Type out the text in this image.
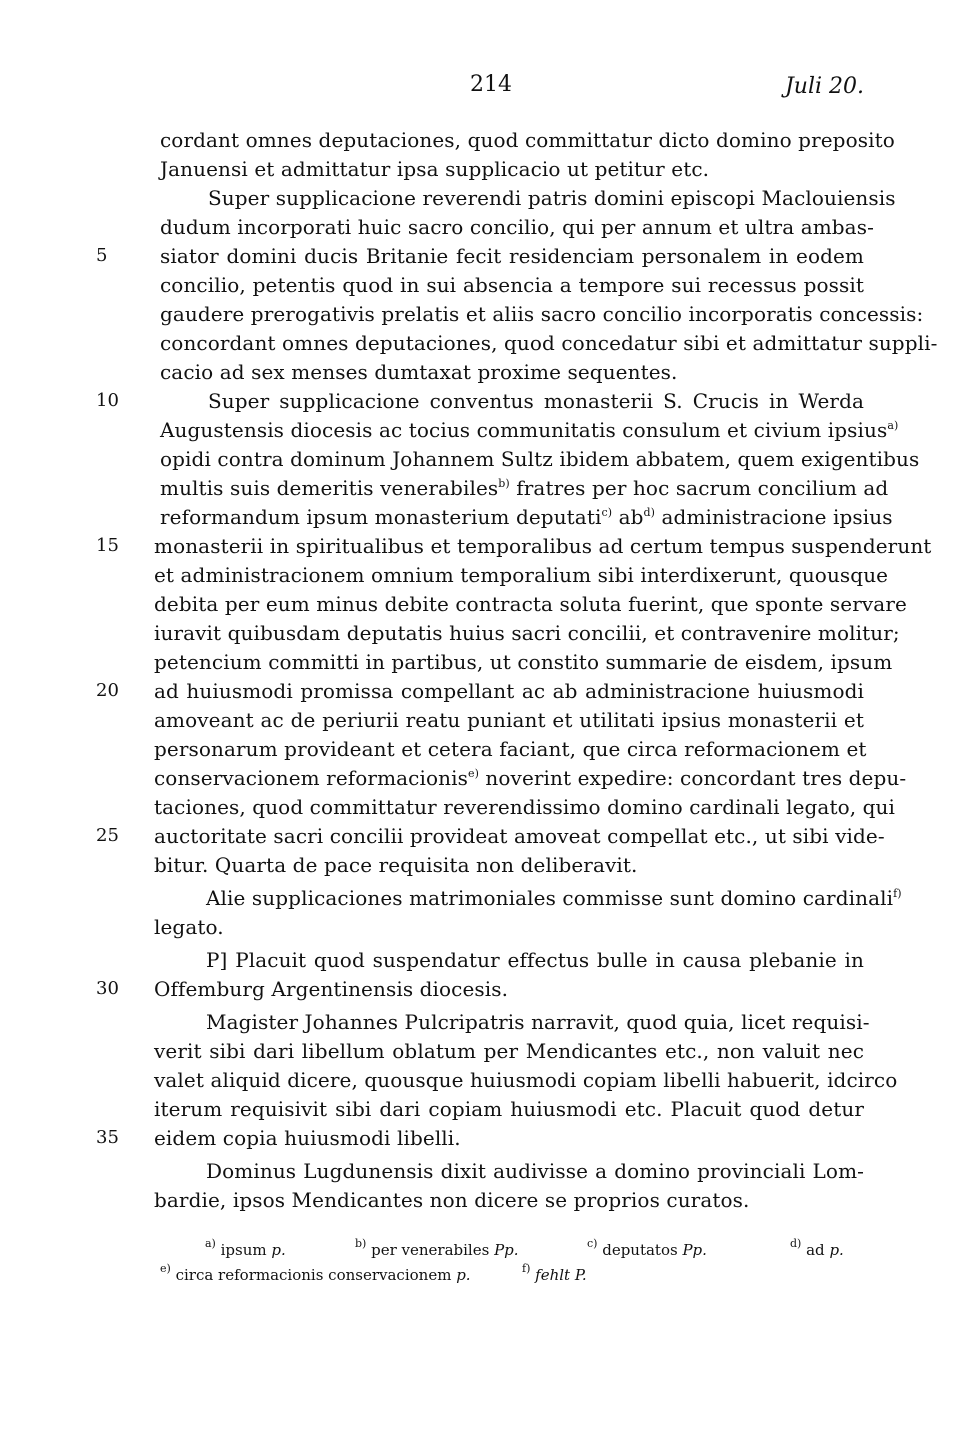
214	Juli 20.
cordant omnes deputaciones, quod committatur dicto domino preposito
Januensi et admittatur ipsa supplicacio ut petitur etc.
Super supplicacione reverendi patris domini episcopi Maclouiensis
dudum incorporati huic sacro concilio, qui per annum et ultra ambas-
siator domini ducis Britanie fecit residenciam personalem in eodem
concilio, petentis quod in sui absencia a tempore sui recessus possit
gaudere prerogativis prelatis et aliis sacro concilio incorporatis concessis:
concordant omnes deputaciones, quod concedatur sibi et admittatur suppli-
cacio ad sex menses dumtaxat proxime sequentes.
Super supplicacione conventus monasterii S. Crucis in Werda
Augustensis diocesis ac tocius communitatis consulum et civium ipsius$^{a)}$
opidi contra dominum Johannem Sultz ibidem abbatem, quem exigentibus
multis suis demeritis venerabiles$^{b)}$ fratres per hoc sacrum concilium ad
reformandum ipsum monasterium deputati$^{c)}$ $ab^{d)}$ administracione ipsius
monasterii in spiritualibus et temporalibus ad certum tempus suspenderunt
et administracionem omnium temporalium sibi interdixerunt, quousque
debita per eum minus debite contracta soluta fuerint, que sponte servare
iuravit quibusdam deputatis huius sacri concilii, et contravenire molitur;
petencium committi in partibus, ut constito summarie de eisdem, ipsum
ad huiusmodi promissa compellant ac ab administracione huiusmodi
amoveant ac de periurii reatu puniant et utilitati ipsius monasterii et
personarum provideant et cetera faciant, que circa reformacionem et
conservacionem reformacionis$^{e)}$ noverint expedire: concordant tres depu-
taciones, quod committatur reverendissimo domino cardinali legato, qui
auctoritate sacri concilii provideat amoveat compellat etc., ut sibi vide-
bitur. Quarta de pace requisita non deliberavit.
Alie supplicaciones matrimoniales commisse sunt domino cardinali$^{f)}$
legato.
P] Placuit quod suspendatur effectus bulle in causa plebanie in
Offemburg Argentinensis diocesis.
Magister Johannes Pulcripatris narravit, quod quia, licet requisi-
verit sibi dari libellum oblatum per Mendicantes etc., non valuit nec
valet aliquid dicere, quousque huiusmodi copiam libelli habuerit, idcirco
iterum requisivit sibi dari copiam huiusmodi etc. Placuit quod detur
eidem copia huiusmodi libelli.
Dominus Lugdunensis dixit audivisse a domino provinciali Lom-
bardie, ipsos Mendicantes non dicere se proprios curatos.
5
10
15
20
25
30
35
$^{a)}$ ipsum p.	$^{b)}$ per venerabiles Pp.	$^{c)}$ deputatos Pp.	$^{d)}$ ad p.
$^{e)}$ circa reformacionis conservacionem p.	$^{f)}$ fehlt P.
